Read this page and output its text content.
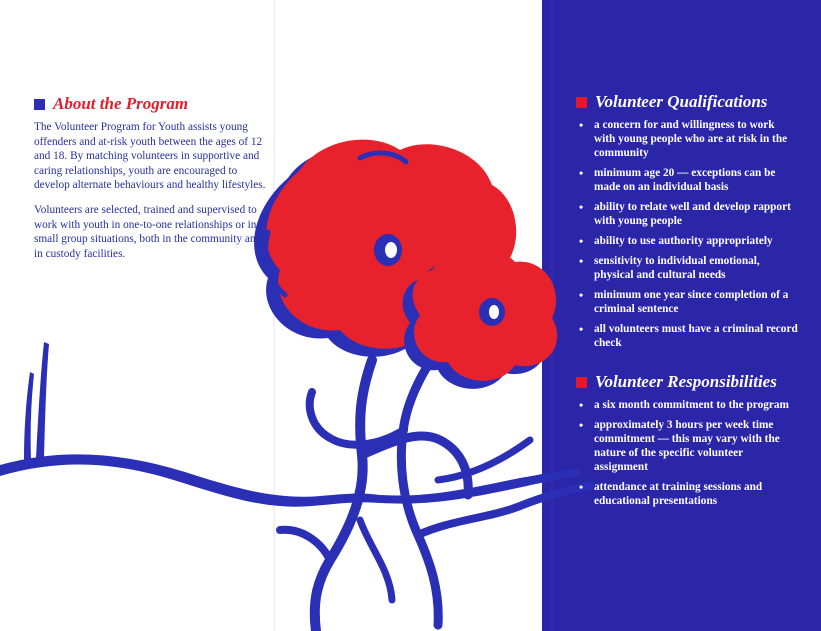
About the Program

The Volunteer Program for Youth assists young offenders and at-risk youth between the ages of 12 and 18. By matching volunteers in supportive and caring relationships, youth are encouraged to develop alternate behaviours and healthy lifestyles.

Volunteers are selected, trained and supervised to work with youth in one-to-one relationships or in small group situations, both in the community and in custody facilities.

Volunteer Qualifications
• a concern for and willingness to work with young people who are at risk in the community
• minimum age 20 — exceptions can be made on an individual basis
• ability to relate well and develop rapport with young people
• ability to use authority appropriately
• sensitivity to individual emotional, physical and cultural needs
• minimum one year since completion of a criminal sentence
• all volunteers must have a criminal record check
Volunteer Responsibilities
• a six month commitment to the program
• approximately 3 hours per week time commitment — this may vary with the nature of the specific volunteer assignment
• attendance at training sessions and educational presentations
